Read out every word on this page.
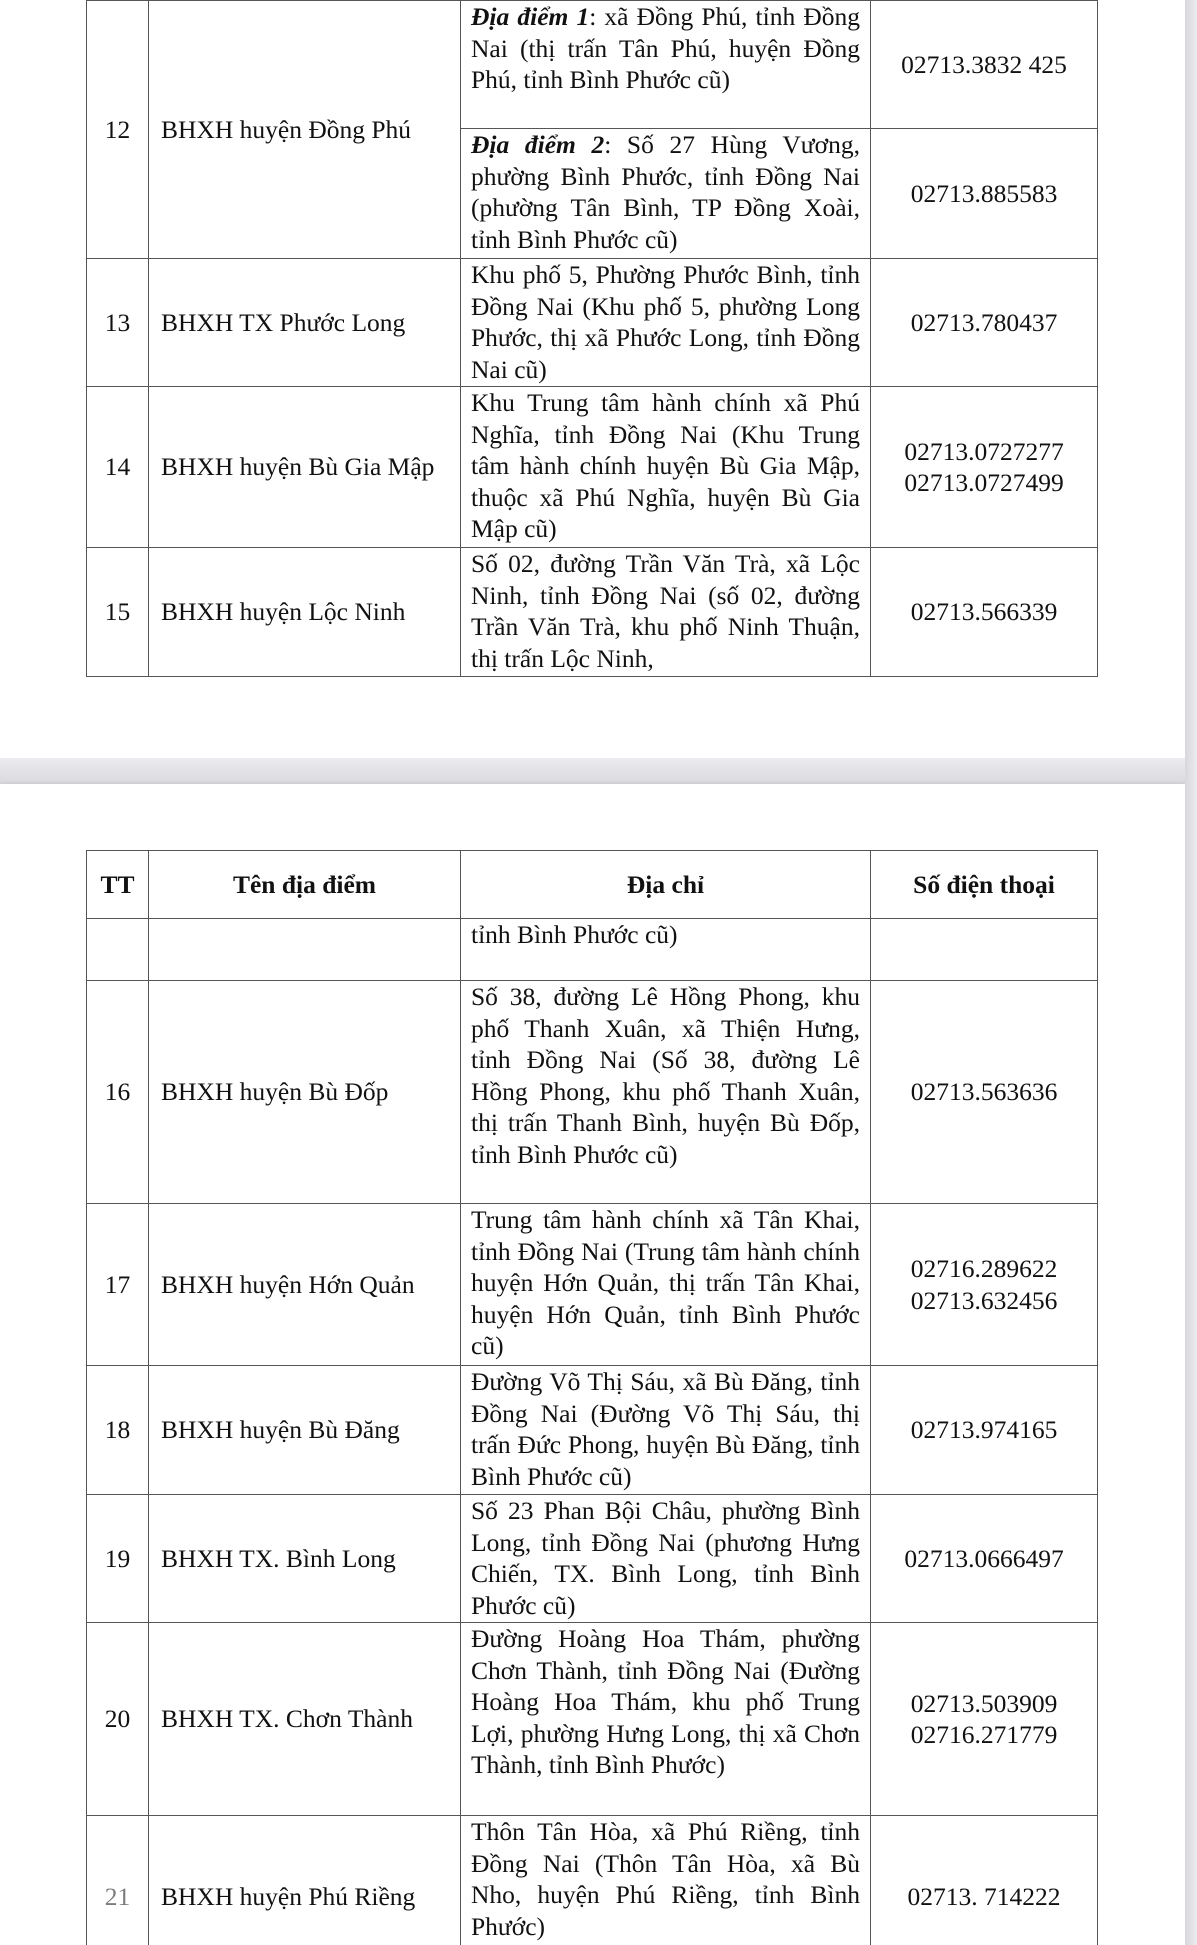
12	BHXH huyện Đồng Phú	Địa điểm 1: xã Đồng Phú, tỉnh Đồng Nai (thị trấn Tân Phú, huyện Đồng Phú, tỉnh Bình Phước cũ)	02713.3832 425

		Địa điểm 2: Số 27 Hùng Vương, phường Bình Phước, tỉnh Đồng Nai (phường Tân Bình, TP Đồng Xoài, tỉnh Bình Phước cũ)	02713.885583

13	BHXH TX Phước Long	Khu phố 5, Phường Phước Bình, tỉnh Đồng Nai (Khu phố 5, phường Long Phước, thị xã Phước Long, tỉnh Đồng Nai cũ)	02713.780437

14	BHXH huyện Bù Gia Mập	Khu Trung tâm hành chính xã Phú Nghĩa, tỉnh Đồng Nai (Khu Trung tâm hành chính huyện Bù Gia Mập, thuộc xã Phú Nghĩa, huyện Bù Gia Mập cũ)	02713.0727277
02713.0727499

15	BHXH huyện Lộc Ninh	Số 02, đường Trần Văn Trà, xã Lộc Ninh, tỉnh Đồng Nai (số 02, đường Trần Văn Trà, khu phố Ninh Thuận, thị trấn Lộc Ninh,	02713.566339
TT	Tên địa điểm	Địa chỉ	Số điện thoại
		tỉnh Bình Phước cũ)	
16	BHXH huyện Bù Đốp	Số 38, đường Lê Hồng Phong, khu phố Thanh Xuân, xã Thiện Hưng, tỉnh Đồng Nai (Số 38, đường Lê Hồng Phong, khu phố Thanh Xuân, thị trấn Thanh Bình, huyện Bù Đốp, tỉnh Bình Phước cũ)	02713.563636

17	BHXH huyện Hớn Quản	Trung tâm hành chính xã Tân Khai, tỉnh Đồng Nai (Trung tâm hành chính huyện Hớn Quản, thị trấn Tân Khai, huyện Hớn Quản, tỉnh Bình Phước cũ)	02716.289622
02713.632456

18	BHXH huyện Bù Đăng	Đường Võ Thị Sáu, xã Bù Đăng, tỉnh Đồng Nai (Đường Võ Thị Sáu, thị trấn Đức Phong, huyện Bù Đăng, tỉnh Bình Phước cũ)	02713.974165

19	BHXH TX. Bình Long	Số 23 Phan Bội Châu, phường Bình Long, tỉnh Đồng Nai (phương Hưng Chiến, TX. Bình Long, tỉnh Bình Phước cũ)	02713.0666497

20	BHXH TX. Chơn Thành	Đường Hoàng Hoa Thám, phường Chơn Thành, tỉnh Đồng Nai (Đường Hoàng Hoa Thám, khu phố Trung Lợi, phường Hưng Long, thị xã Chơn Thành, tỉnh Bình Phước)	02713.503909
02716.271779

21	BHXH huyện Phú Riềng	Thôn Tân Hòa, xã Phú Riềng, tỉnh Đồng Nai (Thôn Tân Hòa, xã Bù Nho, huyện Phú Riềng, tỉnh Bình Phước)	02713. 714222
